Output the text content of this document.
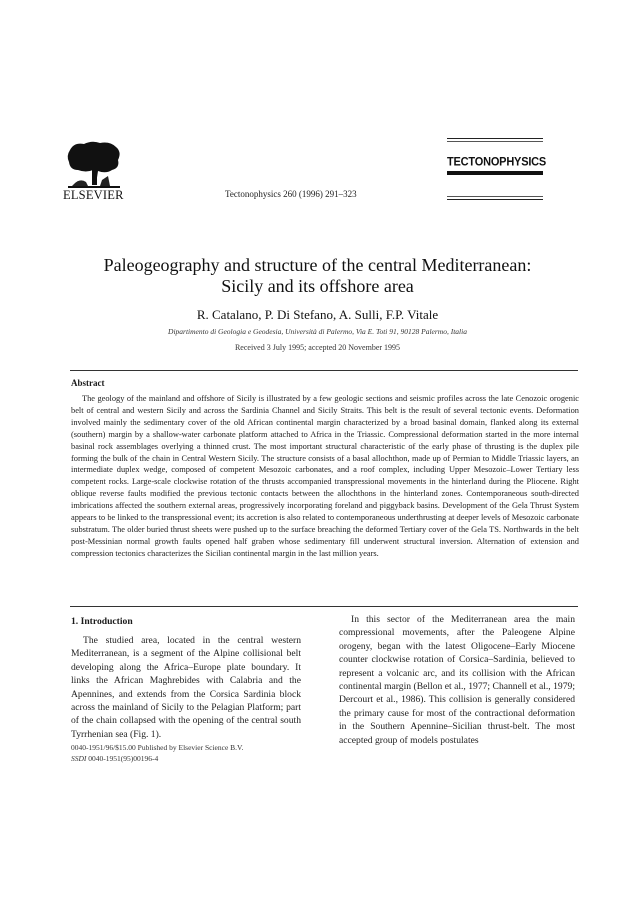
ELSEVIER	Tectonophysics 260 (1996) 291–323
TECTONOPHYSICS
Paleogeography and structure of the central Mediterranean:
Sicily and its offshore area
R. Catalano, P. Di Stefano, A. Sulli, F.P. Vitale
Dipartimento di Geologia e Geodesia, Università di Palermo, Via E. Toti 91, 90128 Palermo, Italia
Received 3 July 1995; accepted 20 November 1995
Abstract
The geology of the mainland and offshore of Sicily is illustrated by a few geologic sections and seismic profiles across the late Cenozoic orogenic belt of central and western Sicily and across the Sardinia Channel and Sicily Straits. This belt is the result of several tectonic events. Deformation involved mainly the sedimentary cover of the old African continental margin characterized by a broad basinal domain, flanked along its external (southern) margin by a shallow-water carbonate platform attached to Africa in the Triassic. Compressional deformation started in the more internal basinal rock assemblages overlying a thinned crust. The most important structural characteristic of the early phase of thrusting is the duplex pile forming the bulk of the chain in Central Western Sicily. The structure consists of a basal allochthon, made up of Permian to Middle Triassic layers, an intermediate duplex wedge, composed of competent Mesozoic carbonates, and a roof complex, including Upper Mesozoic–Lower Tertiary less competent rocks. Large-scale clockwise rotation of the thrusts accompanied transpressional movements in the hinterland during the Pliocene. Right oblique reverse faults modified the previous tectonic contacts between the allochthons in the hinterland zones. Contemporaneous south-directed imbrications affected the southern external areas, progressively incorporating foreland and piggyback basins. Development of the Gela Thrust System appears to be linked to the transpressional event; its accretion is also related to contemporaneous underthrusting at deeper levels of Mesozoic carbonate substratum. The older buried thrust sheets were pushed up to the surface breaching the deformed Tertiary cover of the Gela TS. Northwards in the belt post-Messinian normal growth faults opened half graben whose sedimentary fill underwent structural inversion. Alternation of extension and compression tectonics characterizes the Sicilian continental margin in the last million years.
1. Introduction
The studied area, located in the central western Mediterranean, is a segment of the Alpine collisional belt developing along the Africa–Europe plate boundary. It links the African Maghrebides with Calabria and the Apennines, and extends from the Corsica Sardinia block across the mainland of Sicily to the Pelagian Platform; part of the chain collapsed with the opening of the central south Tyrrhenian sea (Fig. 1).
In this sector of the Mediterranean area the main compressional movements, after the Paleogene Alpine orogeny, began with the latest Oligocene–Early Miocene counter clockwise rotation of Corsica–Sardinia, believed to represent a volcanic arc, and its collision with the African continental margin (Bellon et al., 1977; Channell et al., 1979; Dercourt et al., 1986). This collision is generally considered the primary cause for most of the contractional deformation in the Southern Apennine–Sicilian thrust-belt. The most accepted group of models postulates
0040-1951/96/$15.00 Published by Elsevier Science B.V.
SSDI 0040-1951(95)00196-4
